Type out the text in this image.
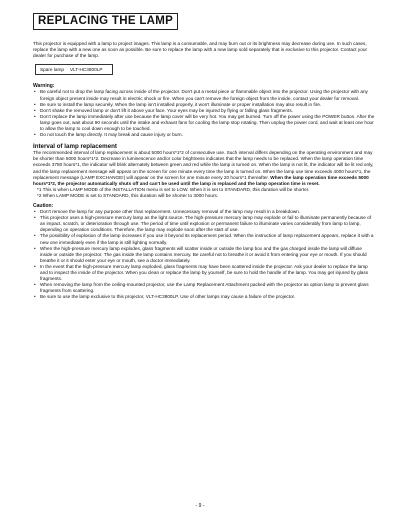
REPLACING THE LAMP

This projector is equipped with a lamp to project images. This lamp is a consumable, and may burn out or its brightness may decrease during use. In such cases, replace the lamp with a new one as soon as possible. Be sure to replace the lamp with a new lamp sold separately that is exclusive to this projector. Contact your dealer for purchase of the lamp.

Spare lamp VLT-HC3800LP
Warning:
• Be careful not to drop the lamp facing across inside of the projector. Don't put a metal piece or flammable object into the projector. Using the projector with any foreign object present inside may result in electric shock or fire. When you can't remove the foreign object from the inside, contact your dealer for removal.
• Be sure to install the lamp securely. When the lamp isn't installed properly, it won't illuminate or proper installation may also result in fire.
• Don't shake the removed lamp or don't lift it above your face. Your eyes may be injured by flying or falling glass fragments.
• Don't replace the lamp immediately after use because the lamp cover will be very hot. You may get burned. Turn off the power using the POWER button. After the lamp goes out, wait about 90 seconds until the intake and exhaust fans for cooling the lamp stop rotating. Then unplug the power cord, and wait at least one hour to allow the lamp to cool down enough to be touched.
• Do not touch the lamp directly. It may break and cause injury or burn.
Interval of lamp replacement

The recommended interval of lamp replacement is about 5000 hours*1*2 of consecutive use. Such interval differs depending on the operating environment and may be shorter than 5000 hours*1*2. Decrease in luminescence and/or color brightness indicates that the lamp needs to be replaced. When the lamp operation time exceeds 3780 hours*1, the indicator will blink alternately between green and red while the lamp is turned on. When the lamp is not lit, the indicator will be lit red only, and the lamp replacement message will appear on the screen for one minute every time the lamp is turned on. When the lamp use time exceeds 4000 hours*1, the replacement message (LAMP EXCHANGE!) will appear on the screen for one minute every 20 hours*1 thereafter. When the lamp operation time exceeds 5000 hours*1*2, the projector automatically shuts off and can't be used until the lamp is replaced and the lamp operation time is reset.

*1 This is when LAMP MODE of the INSTALLATION menu is set to LOW. When it is set to STANDARD, this duration will be shorter.
*2 When LAMP MODE is set to STANDARD, this duration will be shorter to 3000 hours.
Caution:
• Don't remove the lamp for any purpose other than replacement. Unnecessary removal of the lamp may result in a breakdown.
• This projector uses a high-pressure mercury lamp as the light source. The high-pressure mercury lamp may explode or fail to illuminate permanently because of an impact, scratch, or deterioration through use. The period of time until explosion or permanent failure to illuminate varies considerably from lamp to lamp, depending on operation conditions. Therefore, the lamp may explode soon after the start of use.
• The possibility of explosion of the lamp increases if you use it beyond its replacement period. When the instruction of lamp replacement appears, replace it with a new one immediately even if the lamp is still lighting normally.
• When the high-pressure mercury lamp explodes, glass fragments will scatter inside or outside the lamp box and the gas charged inside the lamp will diffuse inside or outside the projector. The gas inside the lamp contains mercury. Be careful not to breathe it or avoid it from entering your eye or mouth. If you should breathe it or it should enter your eye or mouth, see a doctor immediately.
• In the event that the high-pressure mercury lamp exploded, glass fragments may have been scattered inside the projector. Ask your dealer to replace the lamp and to inspect the inside of the projector. When you clean or replace the lamp by yourself, be sure to hold the handle of the lamp. You may get injured by glass fragments.
• When removing the lamp from the ceiling-mounted projector, use the Lamp Replacement Attachment packed with the projector as option lamp to prevent glass fragments from scattering.
• Be sure to use the lamp exclusive to this projector, VLT-HC3800LP. Use of other lamps may cause a failure of the projector.
- 9 -
